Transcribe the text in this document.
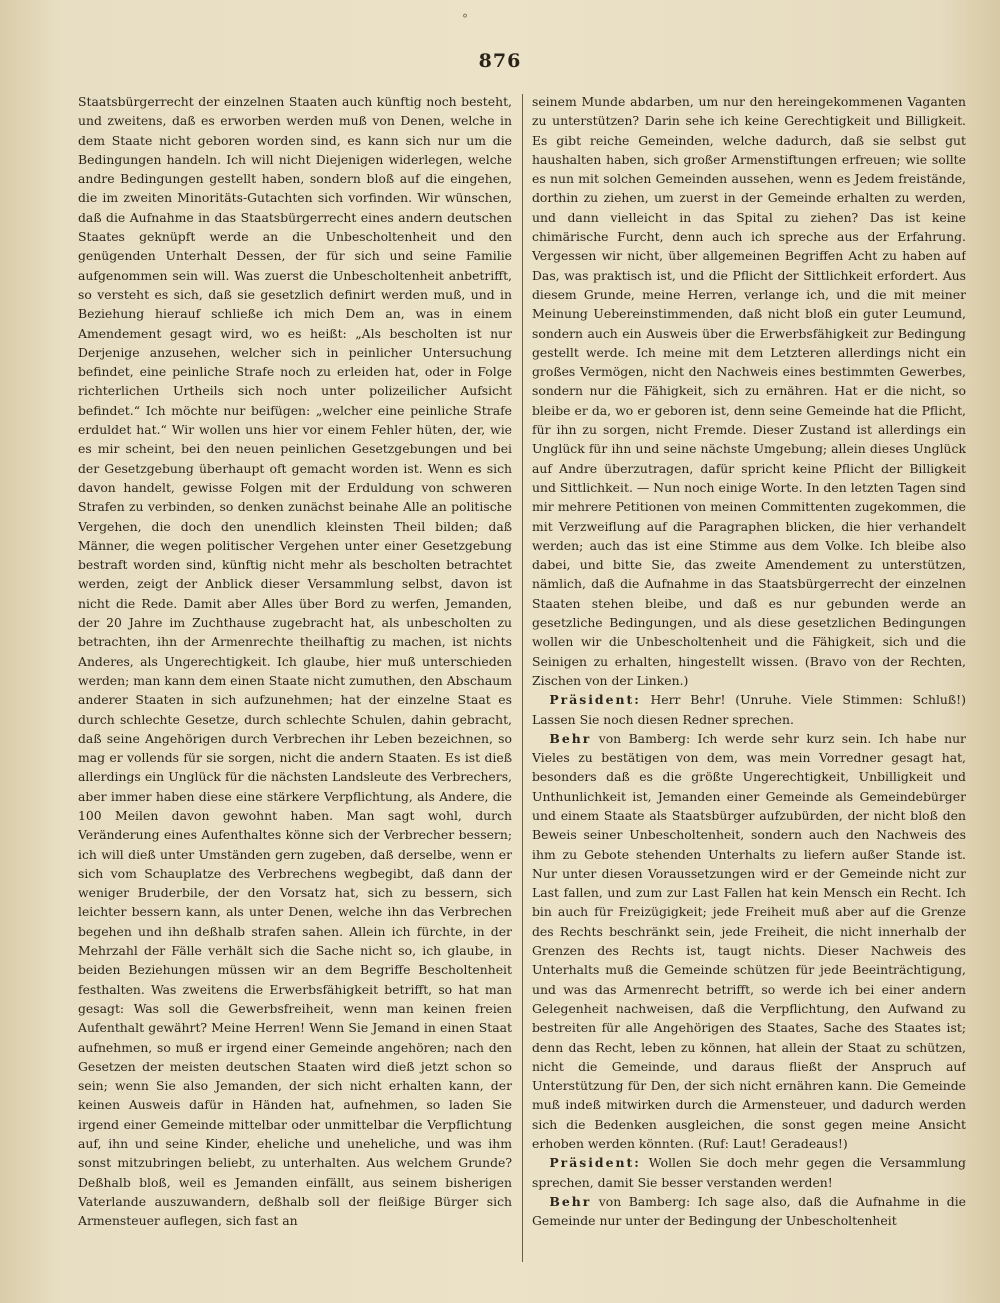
°
876

Staatsbürgerrecht der einzelnen Staaten auch künftig noch besteht, und zweitens, daß es erworben werden muß von Denen, welche in dem Staate nicht geboren worden sind, es kann sich nur um die Bedingungen handeln. Ich will nicht Diejenigen widerlegen, welche andre Bedingungen gestellt haben, sondern bloß auf die eingehen, die im zweiten Minoritäts-Gutachten sich vorfinden. Wir wünschen, daß die Aufnahme in das Staatsbürgerrecht eines andern deutschen Staates geknüpft werde an die Unbescholtenheit und den genügenden Unterhalt Dessen, der für sich und seine Familie aufgenommen sein will. Was zuerst die Unbescholtenheit anbetrifft, so versteht es sich, daß sie gesetzlich definirt werden muß, und in Beziehung hierauf schließe ich mich Dem an, was in einem Amendement gesagt wird, wo es heißt: „Als bescholten ist nur Derjenige anzusehen, welcher sich in peinlicher Untersuchung befindet, eine peinliche Strafe noch zu erleiden hat, oder in Folge richterlichen Urtheils sich noch unter polizeilicher Aufsicht befindet.“ Ich möchte nur beifügen: „welcher eine peinliche Strafe erduldet hat.“ Wir wollen uns hier vor einem Fehler hüten, der, wie es mir scheint, bei den neuen peinlichen Gesetzgebungen und bei der Gesetzgebung überhaupt oft gemacht worden ist. Wenn es sich davon handelt, gewisse Folgen mit der Erduldung von schweren Strafen zu verbinden, so denken zunächst beinahe Alle an politische Vergehen, die doch den unendlich kleinsten Theil bilden; daß Männer, die wegen politischer Vergehen unter einer Gesetzgebung bestraft worden sind, künftig nicht mehr als bescholten betrachtet werden, zeigt der Anblick dieser Versammlung selbst, davon ist nicht die Rede. Damit aber Alles über Bord zu werfen, Jemanden, der 20 Jahre im Zuchthause zugebracht hat, als unbescholten zu betrachten, ihn der Armenrechte theilhaftig zu machen, ist nichts Anderes, als Ungerechtigkeit. Ich glaube, hier muß unterschieden werden; man kann dem einen Staate nicht zumuthen, den Abschaum anderer Staaten in sich aufzunehmen; hat der einzelne Staat es durch schlechte Gesetze, durch schlechte Schulen, dahin gebracht, daß seine Angehörigen durch Verbrechen ihr Leben bezeichnen, so mag er vollends für sie sorgen, nicht die andern Staaten. Es ist dieß allerdings ein Unglück für die nächsten Landsleute des Verbrechers, aber immer haben diese eine stärkere Verpflichtung, als Andere, die 100 Meilen davon gewohnt haben. Man sagt wohl, durch Veränderung eines Aufenthaltes könne sich der Verbrecher bessern; ich will dieß unter Umständen gern zugeben, daß derselbe, wenn er sich vom Schauplatze des Verbrechens wegbegibt, daß dann der weniger Bruderbile, der den Vorsatz hat, sich zu bessern, sich leichter bessern kann, als unter Denen, welche ihn das Verbrechen begehen und ihn deßhalb strafen sahen. Allein ich fürchte, in der Mehrzahl der Fälle verhält sich die Sache nicht so, ich glaube, in beiden Beziehungen müssen wir an dem Begriffe Bescholtenheit festhalten. Was zweitens die Erwerbsfähigkeit betrifft, so hat man gesagt: Was soll die Gewerbsfreiheit, wenn man keinen freien Aufenthalt gewährt? Meine Herren! Wenn Sie Jemand in einen Staat aufnehmen, so muß er irgend einer Gemeinde angehören; nach den Gesetzen der meisten deutschen Staaten wird dieß jetzt schon so sein; wenn Sie also Jemanden, der sich nicht erhalten kann, der keinen Ausweis dafür in Händen hat, aufnehmen, so laden Sie irgend einer Gemeinde mittelbar oder unmittelbar die Verpflichtung auf, ihn und seine Kinder, eheliche und uneheliche, und was ihm sonst mitzubringen beliebt, zu unterhalten. Aus welchem Grunde? Deßhalb bloß, weil es Jemanden einfällt, aus seinem bisherigen Vaterlande auszuwandern, deßhalb soll der fleißige Bürger sich Armensteuer auflegen, sich fast an

seinem Munde abdarben, um nur den hereingekommenen Vaganten zu unterstützen? Darin sehe ich keine Gerechtigkeit und Billigkeit. Es gibt reiche Gemeinden, welche dadurch, daß sie selbst gut haushalten haben, sich großer Armenstiftungen erfreuen; wie sollte es nun mit solchen Gemeinden aussehen, wenn es Jedem freistände, dorthin zu ziehen, um zuerst in der Gemeinde erhalten zu werden, und dann vielleicht in das Spital zu ziehen? Das ist keine chimärische Furcht, denn auch ich spreche aus der Erfahrung. Vergessen wir nicht, über allgemeinen Begriffen Acht zu haben auf Das, was praktisch ist, und die Pflicht der Sittlichkeit erfordert. Aus diesem Grunde, meine Herren, verlange ich, und die mit meiner Meinung Uebereinstimmenden, daß nicht bloß ein guter Leumund, sondern auch ein Ausweis über die Erwerbsfähigkeit zur Bedingung gestellt werde. Ich meine mit dem Letzteren allerdings nicht ein großes Vermögen, nicht den Nachweis eines bestimmten Gewerbes, sondern nur die Fähigkeit, sich zu ernähren. Hat er die nicht, so bleibe er da, wo er geboren ist, denn seine Gemeinde hat die Pflicht, für ihn zu sorgen, nicht Fremde. Dieser Zustand ist allerdings ein Unglück für ihn und seine nächste Umgebung; allein dieses Unglück auf Andre überzutragen, dafür spricht keine Pflicht der Billigkeit und Sittlichkeit. — Nun noch einige Worte. In den letzten Tagen sind mir mehrere Petitionen von meinen Committenten zugekommen, die mit Verzweiflung auf die Paragraphen blicken, die hier verhandelt werden; auch das ist eine Stimme aus dem Volke. Ich bleibe also dabei, und bitte Sie, das zweite Amendement zu unterstützen, nämlich, daß die Aufnahme in das Staatsbürgerrecht der einzelnen Staaten stehen bleibe, und daß es nur gebunden werde an gesetzliche Bedingungen, und als diese gesetzlichen Bedingungen wollen wir die Unbescholtenheit und die Fähigkeit, sich und die Seinigen zu erhalten, hingestellt wissen. (Bravo von der Rechten, Zischen von der Linken.)

Präsident: Herr Behr! (Unruhe. Viele Stimmen: Schluß!) Lassen Sie noch diesen Redner sprechen.

Behr von Bamberg: Ich werde sehr kurz sein. Ich habe nur Vieles zu bestätigen von dem, was mein Vorredner gesagt hat, besonders daß es die größte Ungerechtigkeit, Unbilligkeit und Unthunlichkeit ist, Jemanden einer Gemeinde als Gemeindebürger und einem Staate als Staatsbürger aufzubürden, der nicht bloß den Beweis seiner Unbescholtenheit, sondern auch den Nachweis des ihm zu Gebote stehenden Unterhalts zu liefern außer Stande ist. Nur unter diesen Voraussetzungen wird er der Gemeinde nicht zur Last fallen, und zum zur Last Fallen hat kein Mensch ein Recht. Ich bin auch für Freizügigkeit; jede Freiheit muß aber auf die Grenze des Rechts beschränkt sein, jede Freiheit, die nicht innerhalb der Grenzen des Rechts ist, taugt nichts. Dieser Nachweis des Unterhalts muß die Gemeinde schützen für jede Beeinträchtigung, und was das Armenrecht betrifft, so werde ich bei einer andern Gelegenheit nachweisen, daß die Verpflichtung, den Aufwand zu bestreiten für alle Angehörigen des Staates, Sache des Staates ist; denn das Recht, leben zu können, hat allein der Staat zu schützen, nicht die Gemeinde, und daraus fließt der Anspruch auf Unterstützung für Den, der sich nicht ernähren kann. Die Gemeinde muß indeß mitwirken durch die Armensteuer, und dadurch werden sich die Bedenken ausgleichen, die sonst gegen meine Ansicht erhoben werden könnten. (Ruf: Laut! Geradeaus!)

Präsident: Wollen Sie doch mehr gegen die Versammlung sprechen, damit Sie besser verstanden werden!

Behr von Bamberg: Ich sage also, daß die Aufnahme in die Gemeinde nur unter der Bedingung der Unbescholtenheit
